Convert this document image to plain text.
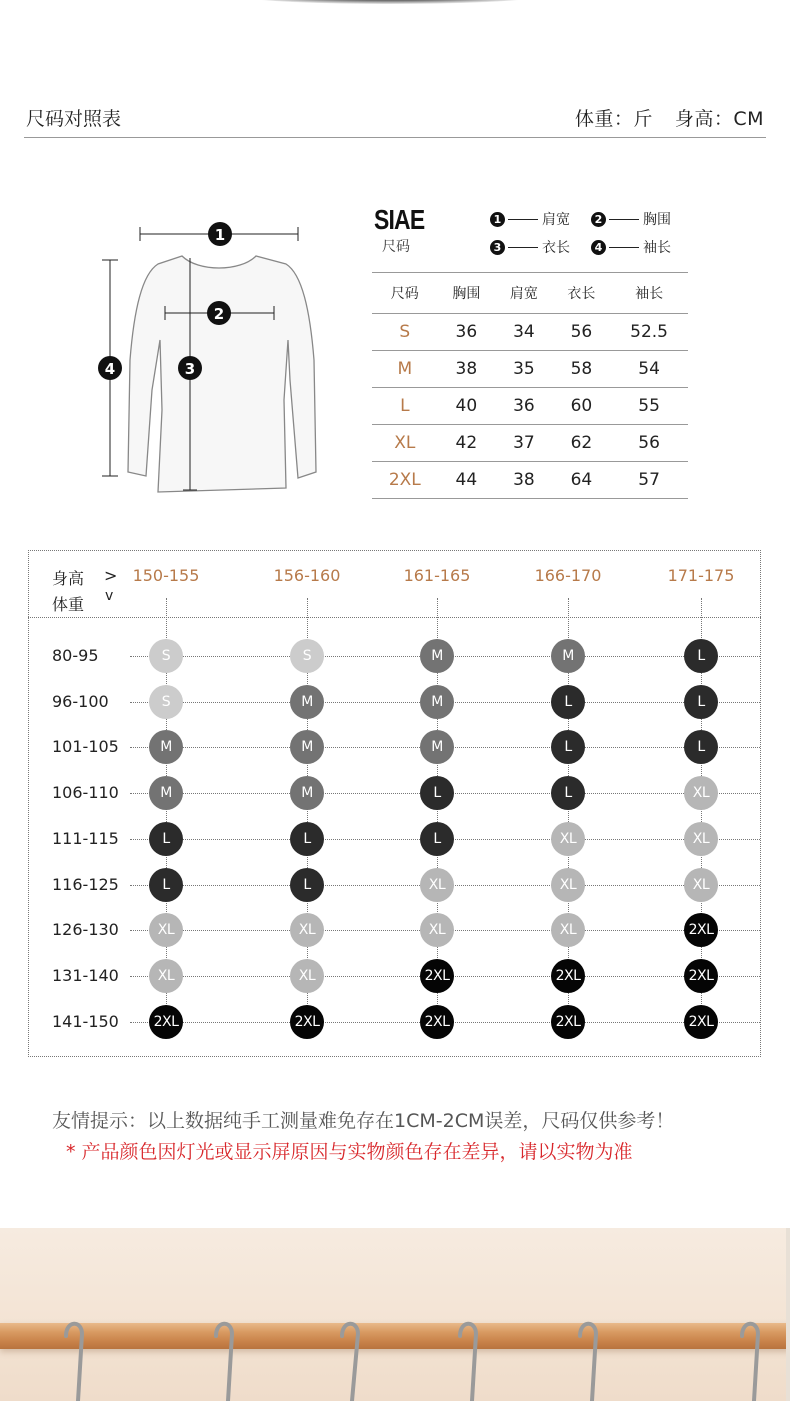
尺码对照表	体重：斤 身高：CM
1
2
3
4
SIAE
尺码
1	肩宽	2	胸围
3	衣长	4	袖长
尺码	胸围	肩宽	衣长	袖长
S	36	34	56	52.5
M	38	35	58	54
L	40	36	60	55
XL	42	37	62	56
2XL	44	38	64	57
身高 >
体重 v
150-155	156-160	161-165	166-170	171-175
80-95	S	S	M	M	L
96-100	S	M	M	L	L
101-105	M	M	M	L	L
106-110	M	M	L	L	XL
111-115	L	L	L	XL	XL
116-125	L	L	XL	XL	XL
126-130	XL	XL	XL	XL	2XL
131-140	XL	XL	2XL	2XL	2XL
141-150	2XL	2XL	2XL	2XL	2XL
友情提示：以上数据纯手工测量难免存在1CM-2CM误差，尺码仅供参考！
* 产品颜色因灯光或显示屏原因与实物颜色存在差异，请以实物为准
